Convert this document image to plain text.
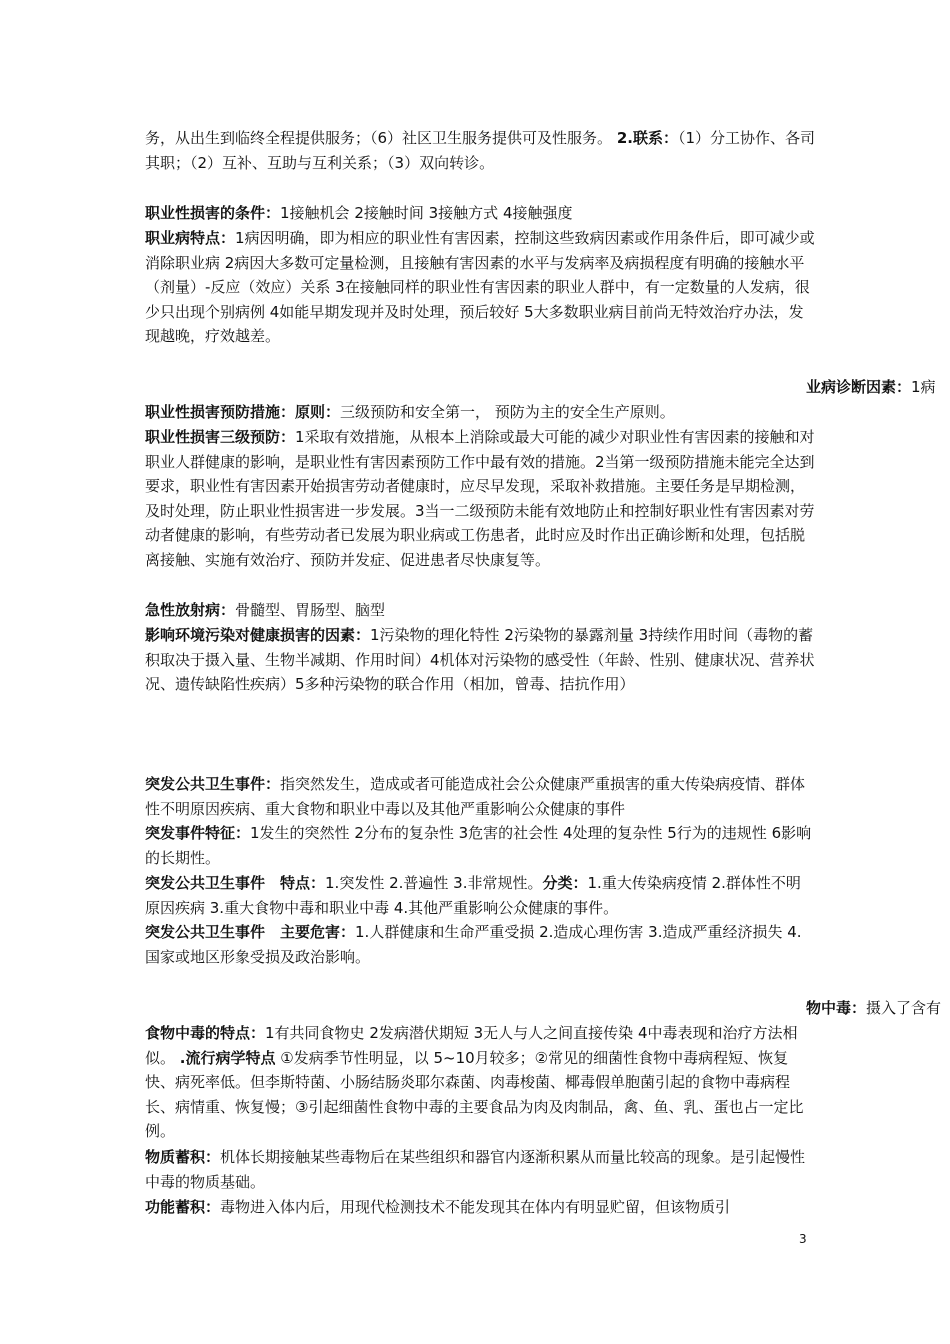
务，从出生到临终全程提供服务；（6）社区卫生服务提供可及性服务。 2.联系：（1）分工协作、各司其职；（2）互补、互助与互利关系；（3）双向转诊。

职业性损害的条件：1接触机会 2接触时间 3接触方式 4接触强度

职业病特点：1病因明确，即为相应的职业性有害因素，控制这些致病因素或作用条件后，即可减少或消除职业病 2病因大多数可定量检测，且接触有害因素的水平与发病率及病损程度有明确的接触水平（剂量）-反应（效应）关系 3在接触同样的职业性有害因素的职业人群中，有一定数量的人发病，很少只出现个别病例 4如能早期发现并及时处理，预后较好 5大多数职业病目前尚无特效治疗办法，发现越晚，疗效越差。

职业性损害预防措施：原则：三级预防和安全第一， 预防为主的安全生产原则。

职业性损害三级预防：1采取有效措施，从根本上消除或最大可能的减少对职业性有害因素的接触和对职业人群健康的影响，是职业性有害因素预防工作中最有效的措施。2当第一级预防措施未能完全达到要求，职业性有害因素开始损害劳动者健康时，应尽早发现，采取补救措施。主要任务是早期检测，及时处理，防止职业性损害进一步发展。3当一二级预防未能有效地防止和控制好职业性有害因素对劳动者健康的影响，有些劳动者已发展为职业病或工伤患者，此时应及时作出正确诊断和处理，包括脱离接触、实施有效治疗、预防并发症、促进患者尽快康复等。

急性放射病：骨髓型、胃肠型、脑型

影响环境污染对健康损害的因素：1污染物的理化特性 2污染物的暴露剂量 3持续作用时间（毒物的蓄积取决于摄入量、生物半减期、作用时间）4机体对污染物的感受性（年龄、性别、健康状况、营养状况、遗传缺陷性疾病）5多种污染物的联合作用（相加，曾毒、拮抗作用）

突发公共卫生事件：指突然发生，造成或者可能造成社会公众健康严重损害的重大传染病疫情、群体性不明原因疾病、重大食物和职业中毒以及其他严重影响公众健康的事件

突发事件特征：1发生的突然性 2分布的复杂性 3危害的社会性 4处理的复杂性 5行为的违规性 6影响的长期性。

突发公共卫生事件　特点：1.突发性 2.普遍性 3.非常规性。分类：1.重大传染病疫情 2.群体性不明原因疾病 3.重大食物中毒和职业中毒 4.其他严重影响公众健康的事件。

突发公共卫生事件　主要危害：1.人群健康和生命严重受损 2.造成心理伤害 3.造成严重经济损失 4.国家或地区形象受损及政治影响。

食物中毒的特点：1有共同食物史 2发病潜伏期短 3无人与人之间直接传染 4中毒表现和治疗方法相似。 .流行病学特点 ①发病季节性明显，以 5~10月较多；②常见的细菌性食物中毒病程短、恢复快、病死率低。但李斯特菌、小肠结肠炎耶尔森菌、肉毒梭菌、椰毒假单胞菌引起的食物中毒病程长、病情重、恢复慢；③引起细菌性食物中毒的主要食品为肉及肉制品，禽、鱼、乳、蛋也占一定比例。

物质蓄积：机体长期接触某些毒物后在某些组织和器官内逐渐积累从而量比较高的现象。是引起慢性中毒的物质基础。

功能蓄积：毒物进入体内后，用现代检测技术不能发现其在体内有明显贮留，但该物质引

业病诊断因素：1病
物中毒：摄入了含有
3
